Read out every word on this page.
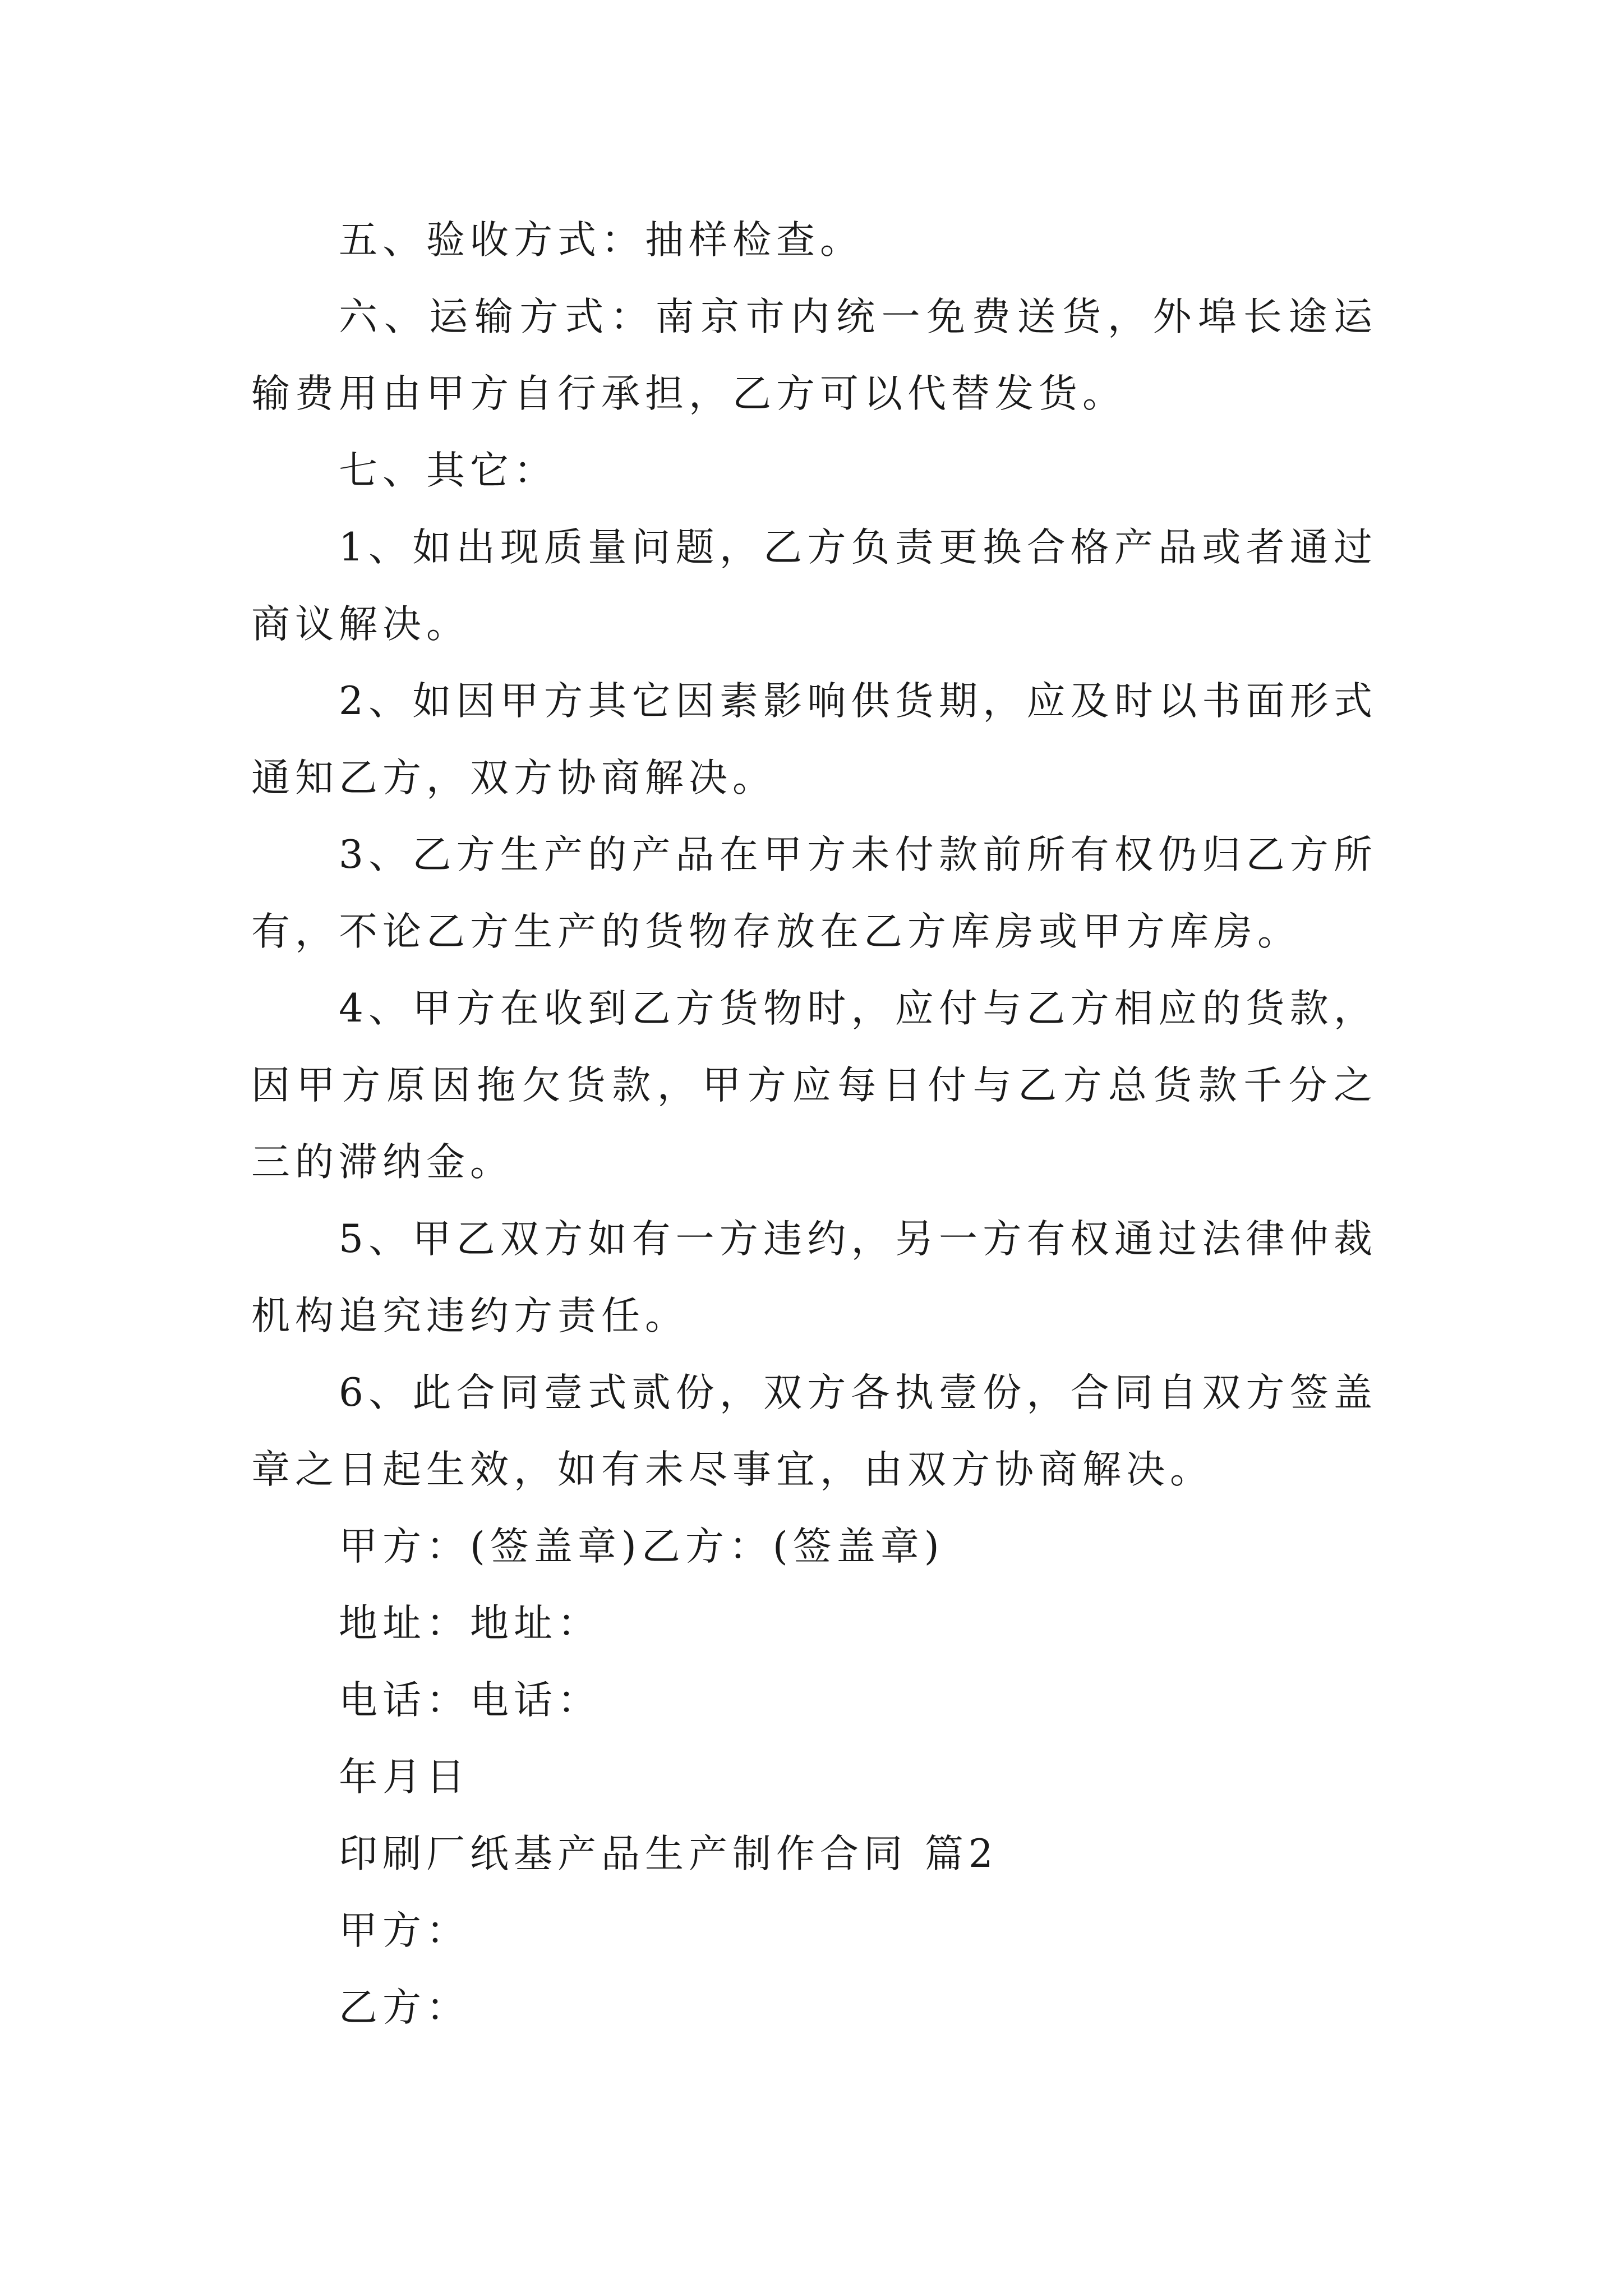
五、验收方式：抽样检查。

六、运输方式：南京市内统一免费送货，外埠长途运输费用由甲方自行承担，乙方可以代替发货。

七、其它：

1、如出现质量问题，乙方负责更换合格产品或者通过商议解决。

2、如因甲方其它因素影响供货期，应及时以书面形式通知乙方，双方协商解决。

3、乙方生产的产品在甲方未付款前所有权仍归乙方所有，不论乙方生产的货物存放在乙方库房或甲方库房。

4、甲方在收到乙方货物时，应付与乙方相应的货款，因甲方原因拖欠货款，甲方应每日付与乙方总货款千分之三的滞纳金。

5、甲乙双方如有一方违约，另一方有权通过法律仲裁机构追究违约方责任。

6、此合同壹式贰份，双方各执壹份，合同自双方签盖章之日起生效，如有未尽事宜，由双方协商解决。

甲方：(签盖章)乙方：(签盖章)

地址：地址：

电话：电话：

年月日

印刷厂纸基产品生产制作合同 篇2

甲方：

乙方：
